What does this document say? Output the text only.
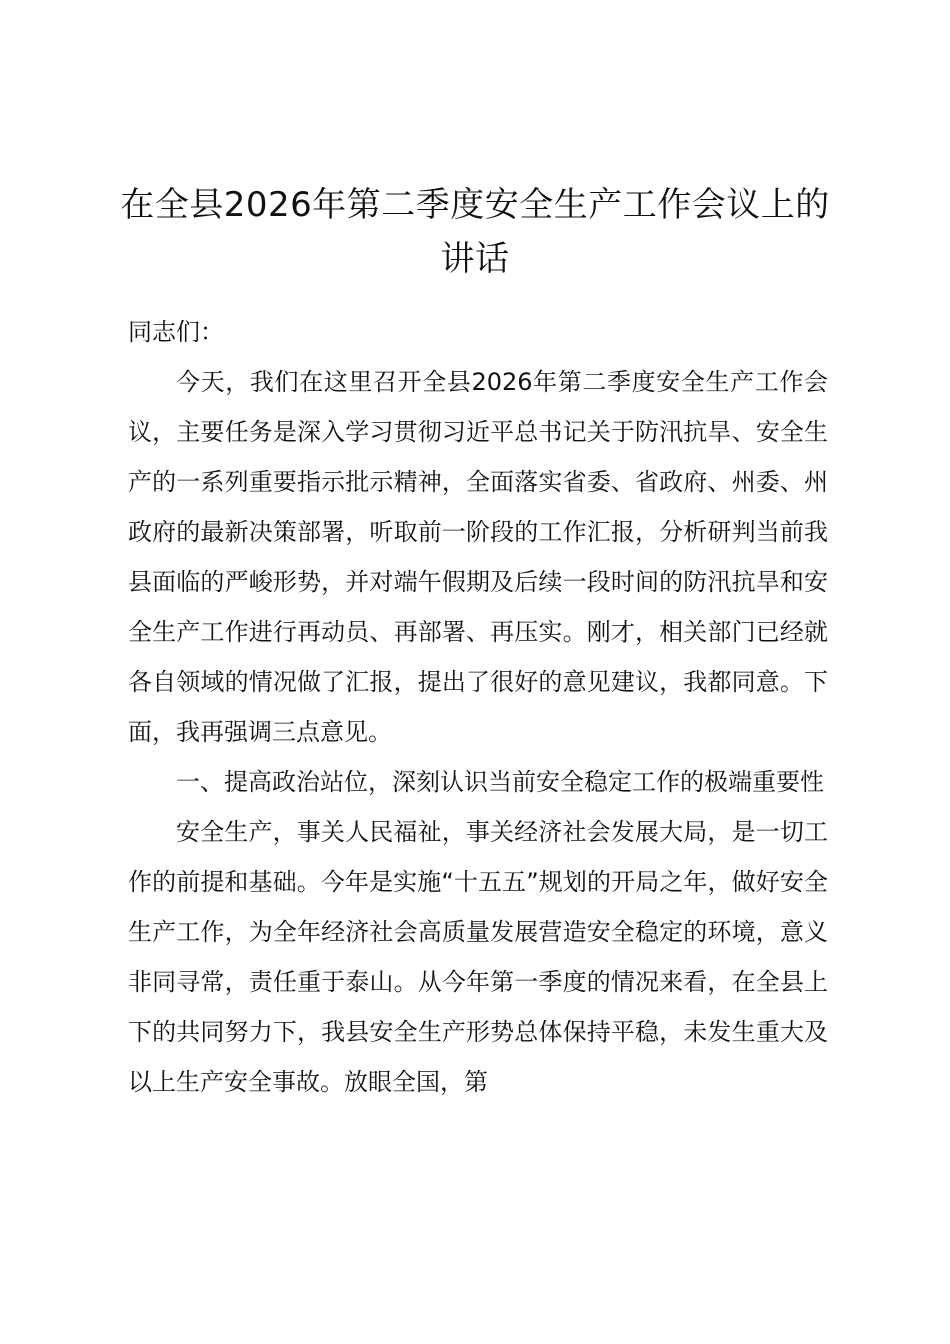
在全县2026年第二季度安全生产工作会议上的讲话

同志们：

今天，我们在这里召开全县2026年第二季度安全生产工作会议，主要任务是深入学习贯彻习近平总书记关于防汛抗旱、安全生产的一系列重要指示批示精神，全面落实省委、省政府、州委、州政府的最新决策部署，听取前一阶段的工作汇报，分析研判当前我县面临的严峻形势，并对端午假期及后续一段时间的防汛抗旱和安全生产工作进行再动员、再部署、再压实。刚才，相关部门已经就各自领域的情况做了汇报，提出了很好的意见建议，我都同意。下面，我再强调三点意见。

一、提高政治站位，深刻认识当前安全稳定工作的极端重要性

安全生产，事关人民福祉，事关经济社会发展大局，是一切工作的前提和基础。今年是实施“十五五”规划的开局之年，做好安全生产工作，为全年经济社会高质量发展营造安全稳定的环境，意义非同寻常，责任重于泰山。从今年第一季度的情况来看，在全县上下的共同努力下，我县安全生产形势总体保持平稳，未发生重大及以上生产安全事故。放眼全国，第
